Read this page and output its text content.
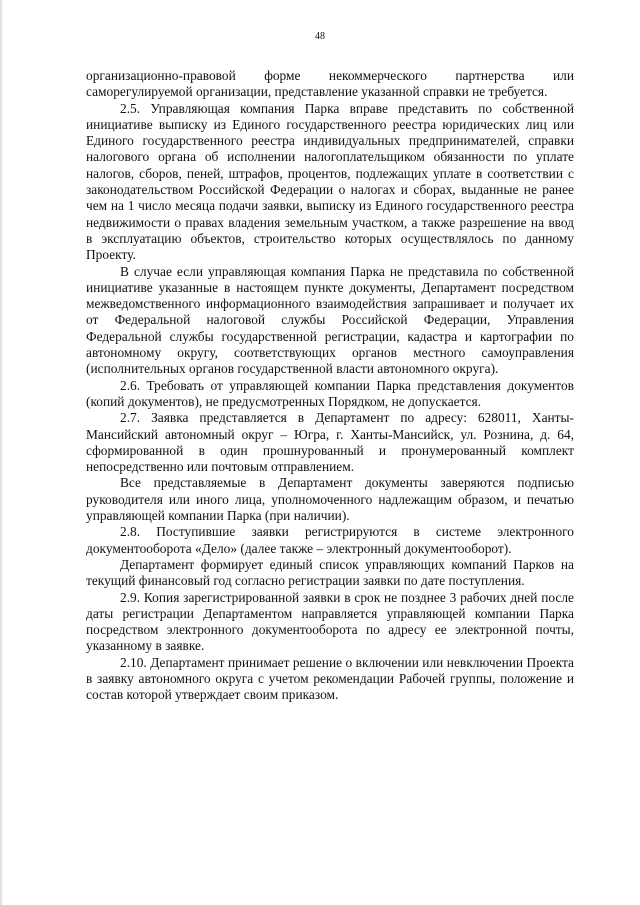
48

организационно-правовой форме некоммерческого партнерства или саморегулируемой организации, представление указанной справки не требуется.

2.5. Управляющая компания Парка вправе представить по собственной инициативе выписку из Единого государственного реестра юридических лиц или Единого государственного реестра индивидуальных предпринимателей, справки налогового органа об исполнении налогоплательщиком обязанности по уплате налогов, сборов, пеней, штрафов, процентов, подлежащих уплате в соответствии с законодательством Российской Федерации о налогах и сборах, выданные не ранее чем на 1 число месяца подачи заявки, выписку из Единого государственного реестра недвижимости о правах владения земельным участком, а также разрешение на ввод в эксплуатацию объектов, строительство которых осуществлялось по данному Проекту.

В случае если управляющая компания Парка не представила по собственной инициативе указанные в настоящем пункте документы, Департамент посредством межведомственного информационного взаимодействия запрашивает и получает их от Федеральной налоговой службы Российской Федерации, Управления Федеральной службы государственной регистрации, кадастра и картографии по автономному округу, соответствующих органов местного самоуправления (исполнительных органов государственной власти автономного округа).

2.6. Требовать от управляющей компании Парка представления документов (копий документов), не предусмотренных Порядком, не допускается.

2.7. Заявка представляется в Департамент по адресу: 628011, Ханты-Мансийский автономный округ – Югра, г. Ханты-Мансийск, ул. Рознина, д. 64, сформированной в один прошнурованный и пронумерованный комплект непосредственно или почтовым отправлением.

Все представляемые в Департамент документы заверяются подписью руководителя или иного лица, уполномоченного надлежащим образом, и печатью управляющей компании Парка (при наличии).

2.8. Поступившие заявки регистрируются в системе электронного документооборота «Дело» (далее также – электронный документооборот).

Департамент формирует единый список управляющих компаний Парков на текущий финансовый год согласно регистрации заявки по дате поступления.

2.9. Копия зарегистрированной заявки в срок не позднее 3 рабочих дней после даты регистрации Департаментом направляется управляющей компании Парка посредством электронного документооборота по адресу ее электронной почты, указанному в заявке.

2.10. Департамент принимает решение о включении или невключении Проекта в заявку автономного округа с учетом рекомендации Рабочей группы, положение и состав которой утверждает своим приказом.
